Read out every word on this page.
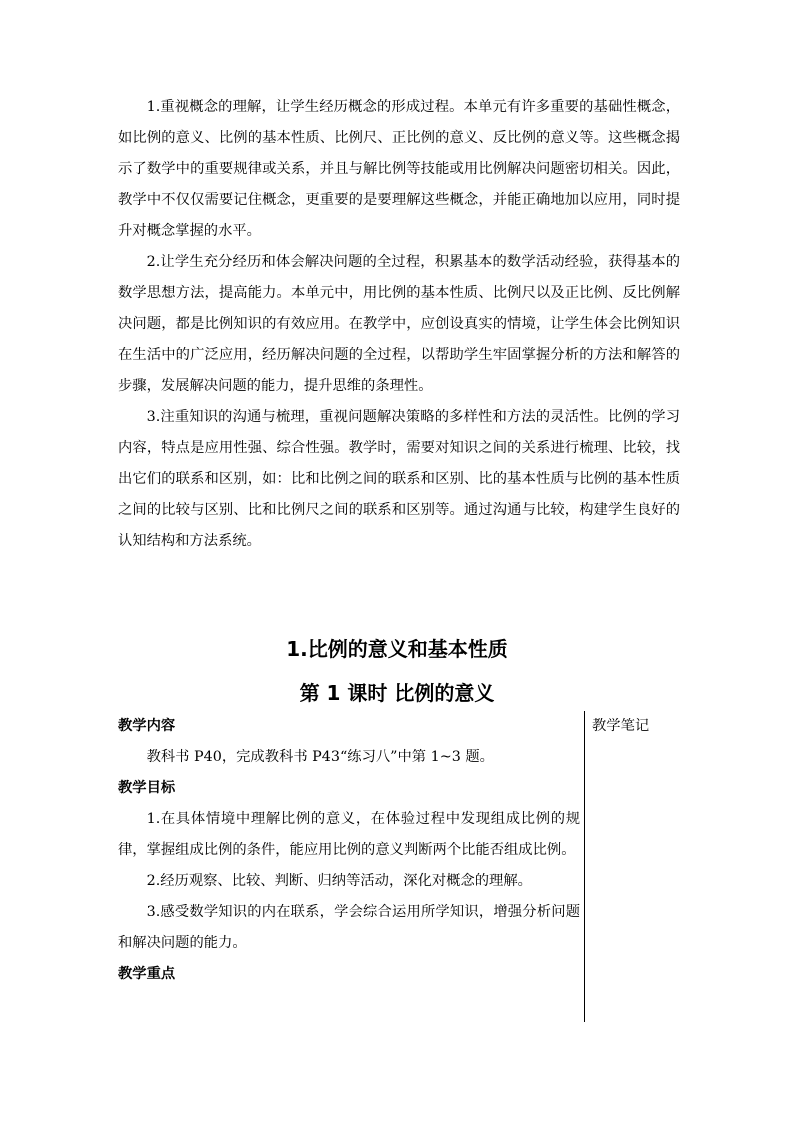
1.重视概念的理解，让学生经历概念的形成过程。本单元有许多重要的基础性概念，如比例的意义、比例的基本性质、比例尺、正比例的意义、反比例的意义等。这些概念揭示了数学中的重要规律或关系，并且与解比例等技能或用比例解决问题密切相关。因此，教学中不仅仅需要记住概念，更重要的是要理解这些概念，并能正确地加以应用，同时提升对概念掌握的水平。

2.让学生充分经历和体会解决问题的全过程，积累基本的数学活动经验，获得基本的数学思想方法，提高能力。本单元中，用比例的基本性质、比例尺以及正比例、反比例解决问题，都是比例知识的有效应用。在教学中，应创设真实的情境，让学生体会比例知识在生活中的广泛应用，经历解决问题的全过程，以帮助学生牢固掌握分析的方法和解答的步骤，发展解决问题的能力，提升思维的条理性。

3.注重知识的沟通与梳理，重视问题解决策略的多样性和方法的灵活性。比例的学习内容，特点是应用性强、综合性强。教学时，需要对知识之间的关系进行梳理、比较，找出它们的联系和区别，如：比和比例之间的联系和区别、比的基本性质与比例的基本性质之间的比较与区别、比和比例尺之间的联系和区别等。通过沟通与比较，构建学生良好的认知结构和方法系统。

1.比例的意义和基本性质
第 1 课时 比例的意义

教学内容

教科书 P40，完成教科书 P43“练习八”中第 1~3 题。

教学目标

1.在具体情境中理解比例的意义，在体验过程中发现组成比例的规律，掌握组成比例的条件，能应用比例的意义判断两个比能否组成比例。

2.经历观察、比较、判断、归纳等活动，深化对概念的理解。

3.感受数学知识的内在联系，学会综合运用所学知识，增强分析问题和解决问题的能力。

教学重点

教学笔记
